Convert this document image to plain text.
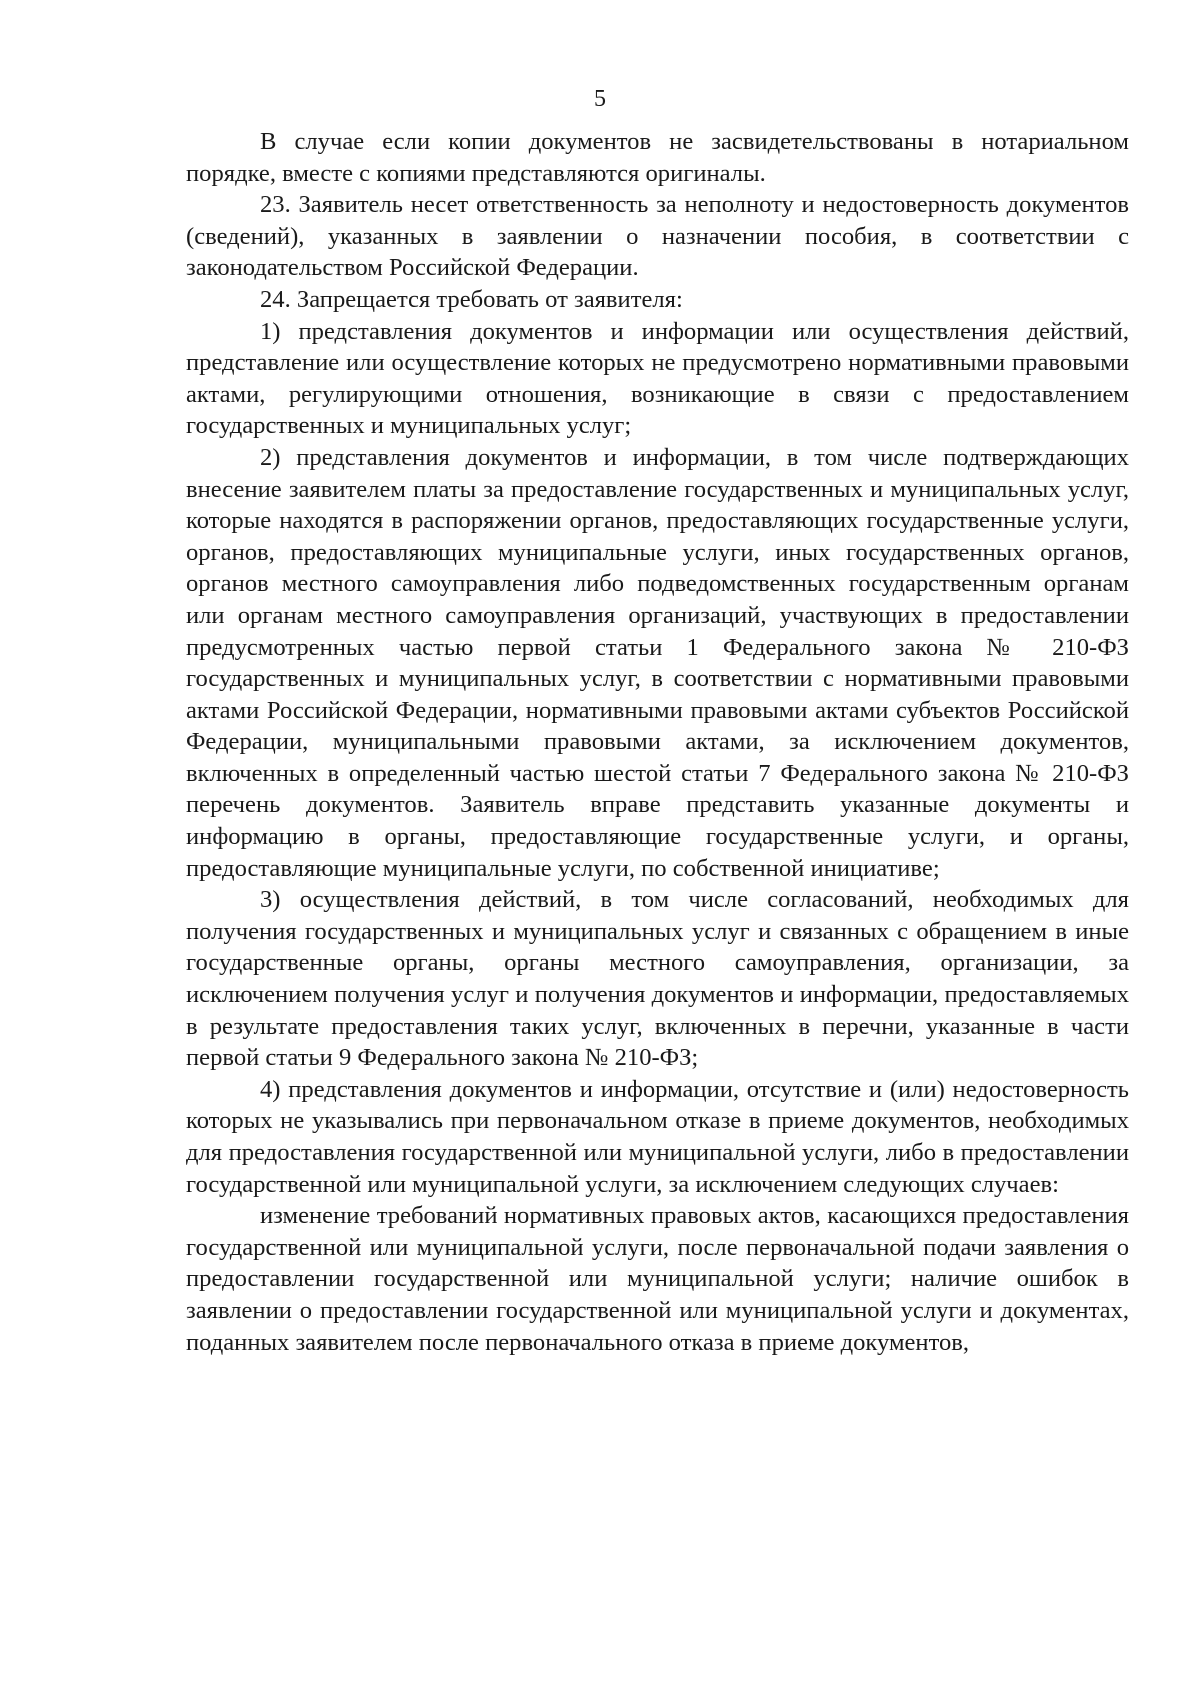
5

В случае если копии документов не засвидетельствованы в нотариальном порядке, вместе с копиями представляются оригиналы.

23. Заявитель несет ответственность за неполноту и недостоверность документов (сведений), указанных в заявлении о назначении пособия, в соответствии с законодательством Российской Федерации.

24. Запрещается требовать от заявителя:

1) представления документов и информации или осуществления действий, представление или осуществление которых не предусмотрено нормативными правовыми актами, регулирующими отношения, возникающие в связи с предоставлением государственных и муниципальных услуг;

2) представления документов и информации, в том числе подтверждающих внесение заявителем платы за предоставление государственных и муниципальных услуг, которые находятся в распоряжении органов, предоставляющих государственные услуги, органов, предоставляющих муниципальные услуги, иных государственных органов, органов местного самоуправления либо подведомственных государственным органам или органам местного самоуправления организаций, участвующих в предоставлении предусмотренных частью первой статьи 1 Федерального закона № 210-ФЗ государственных и муниципальных услуг, в соответствии с нормативными правовыми актами Российской Федерации, нормативными правовыми актами субъектов Российской Федерации, муниципальными правовыми актами, за исключением документов, включенных в определенный частью шестой статьи 7 Федерального закона № 210-ФЗ перечень документов. Заявитель вправе представить указанные документы и информацию в органы, предоставляющие государственные услуги, и органы, предоставляющие муниципальные услуги, по собственной инициативе;

3) осуществления действий, в том числе согласований, необходимых для получения государственных и муниципальных услуг и связанных с обращением в иные государственные органы, органы местного самоуправления, организации, за исключением получения услуг и получения документов и информации, предоставляемых в результате предоставления таких услуг, включенных в перечни, указанные в части первой статьи 9 Федерального закона № 210-ФЗ;

4) представления документов и информации, отсутствие и (или) недостоверность которых не указывались при первоначальном отказе в приеме документов, необходимых для предоставления государственной или муниципальной услуги, либо в предоставлении государственной или муниципальной услуги, за исключением следующих случаев:

изменение требований нормативных правовых актов, касающихся предоставления государственной или муниципальной услуги, после первоначальной подачи заявления о предоставлении государственной или муниципальной услуги; наличие ошибок в заявлении о предоставлении государственной или муниципальной услуги и документах, поданных заявителем после первоначального отказа в приеме документов,
